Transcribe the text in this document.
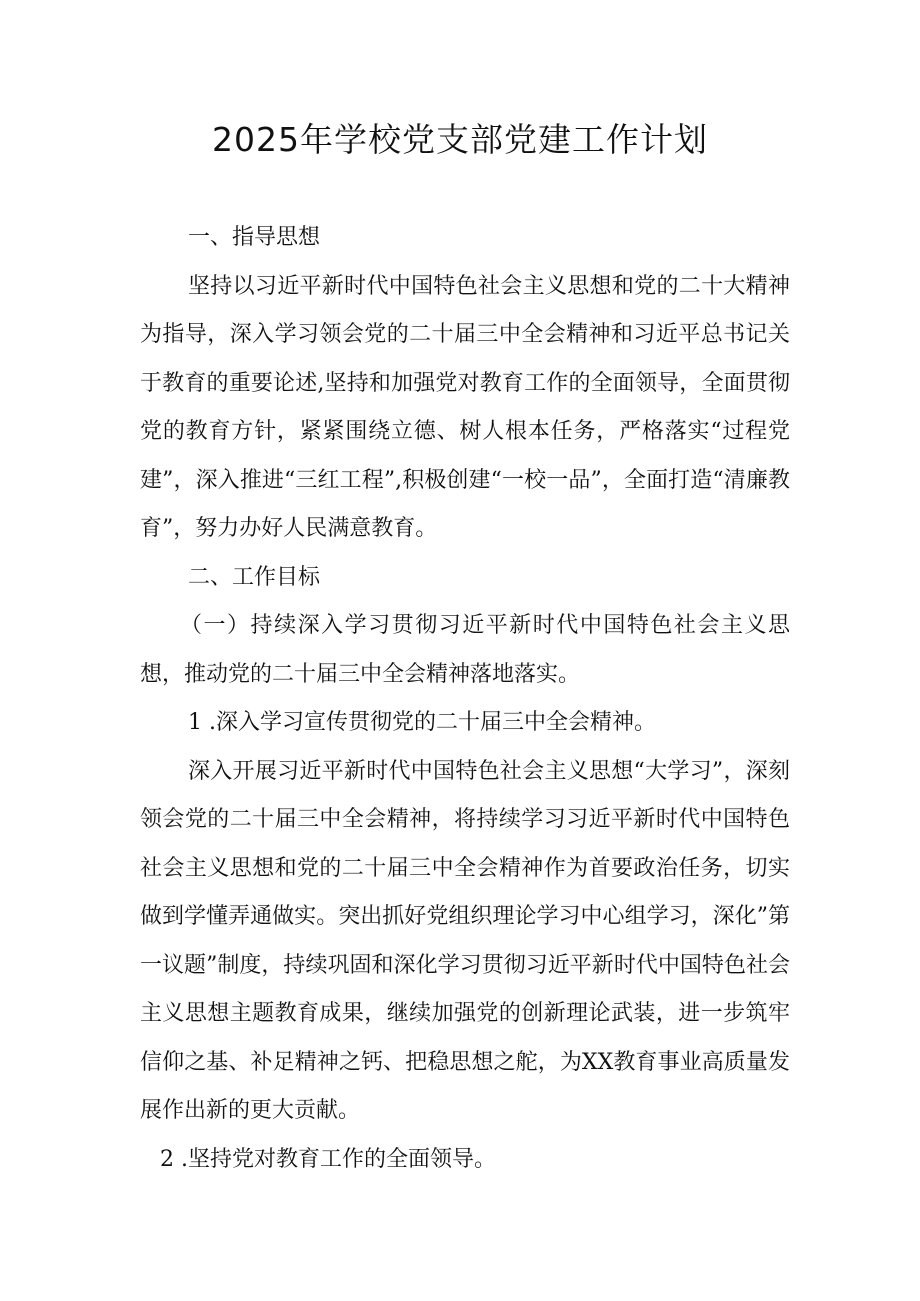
2025年学校党支部党建工作计划

一、指导思想

坚持以习近平新时代中国特色社会主义思想和党的二十大精神为指导，深入学习领会党的二十届三中全会精神和习近平总书记关于教育的重要论述,坚持和加强党对教育工作的全面领导，全面贯彻党的教育方针，紧紧围绕立德、树人根本任务，严格落实“过程党建”，深入推进“三红工程”,积极创建“一校一品”，全面打造“清廉教育”，努力办好人民满意教育。

二、工作目标

（一）持续深入学习贯彻习近平新时代中国特色社会主义思想，推动党的二十届三中全会精神落地落实。

1 .深入学习宣传贯彻党的二十届三中全会精神。

深入开展习近平新时代中国特色社会主义思想“大学习”，深刻领会党的二十届三中全会精神，将持续学习习近平新时代中国特色社会主义思想和党的二十届三中全会精神作为首要政治任务，切实做到学懂弄通做实。突出抓好党组织理论学习中心组学习，深化”第一议题”制度，持续巩固和深化学习贯彻习近平新时代中国特色社会主义思想主题教育成果，继续加强党的创新理论武装，进一步筑牢信仰之基、补足精神之钙、把稳思想之舵，为XX教育事业高质量发展作出新的更大贡献。

2 .坚持党对教育工作的全面领导。
